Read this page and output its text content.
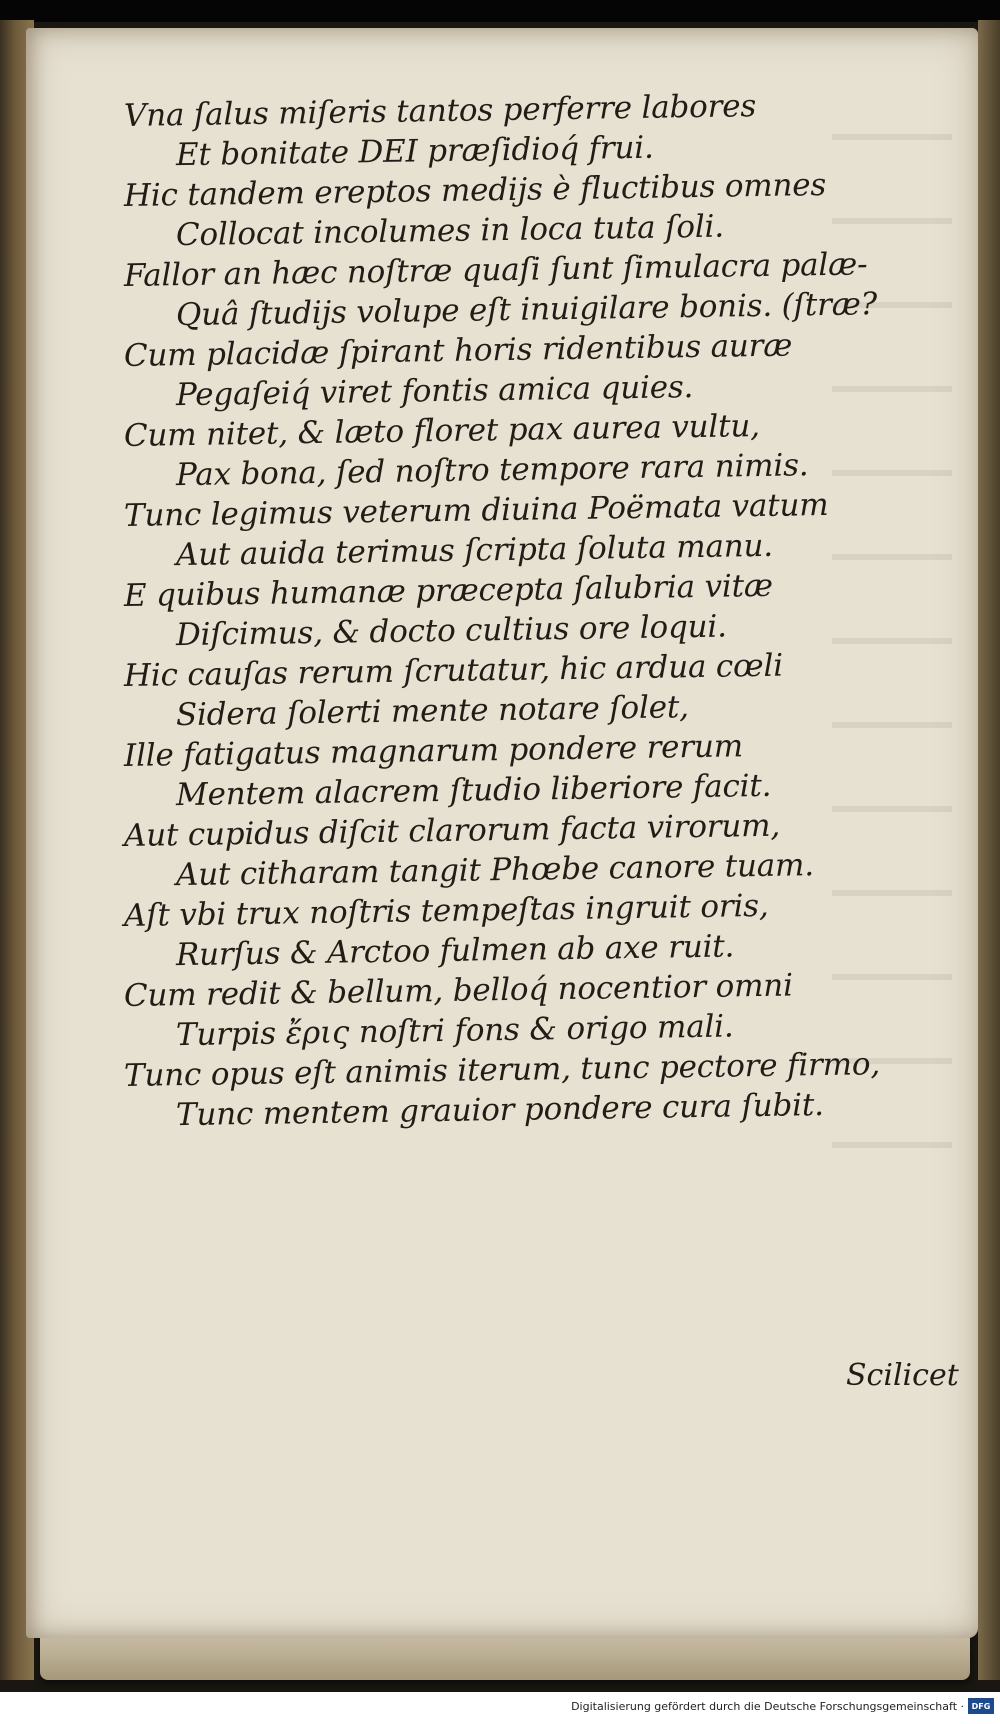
Vna ſalus miſeris tantos perferre labores
Et bonitate DEI præſidioq́ frui.
Hic tandem ereptos medijs è fluctibus omnes
Collocat incolumes in loca tuta ſoli.
Fallor an hæc noſtræ quaſi ſunt ſimulacra palæ-
Quâ ſtudijs volupe eſt inuigilare bonis. (ſtræ?
Cum placidæ ſpirant horis ridentibus auræ
Pegaſeiq́ viret fontis amica quies.
Cum nitet, & læto floret pax aurea vultu,
Pax bona, ſed noſtro tempore rara nimis.
Tunc legimus veterum diuina Poëmata vatum
Aut auida terimus ſcripta ſoluta manu.
E quibus humanæ præcepta ſalubria vitæ
Diſcimus, & docto cultius ore loqui.
Hic cauſas rerum ſcrutatur, hic ardua cœli
Sidera ſolerti mente notare ſolet,
Ille fatigatus magnarum pondere rerum
Mentem alacrem ſtudio liberiore facit.
Aut cupidus diſcit clarorum facta virorum,
Aut citharam tangit Phœbe canore tuam.
Aſt vbi trux noſtris tempeſtas ingruit oris,
Rurſus & Arctoo fulmen ab axe ruit.
Cum redit & bellum, belloq́ nocentior omni
Turpis ἔρις noſtri fons & origo mali.
Tunc opus eſt animis iterum, tunc pectore firmo,
Tunc mentem grauior pondere cura ſubit.
Scilicet
Digitalisierung gefördert durch die Deutsche Forschungsgemeinschaft · DFG
